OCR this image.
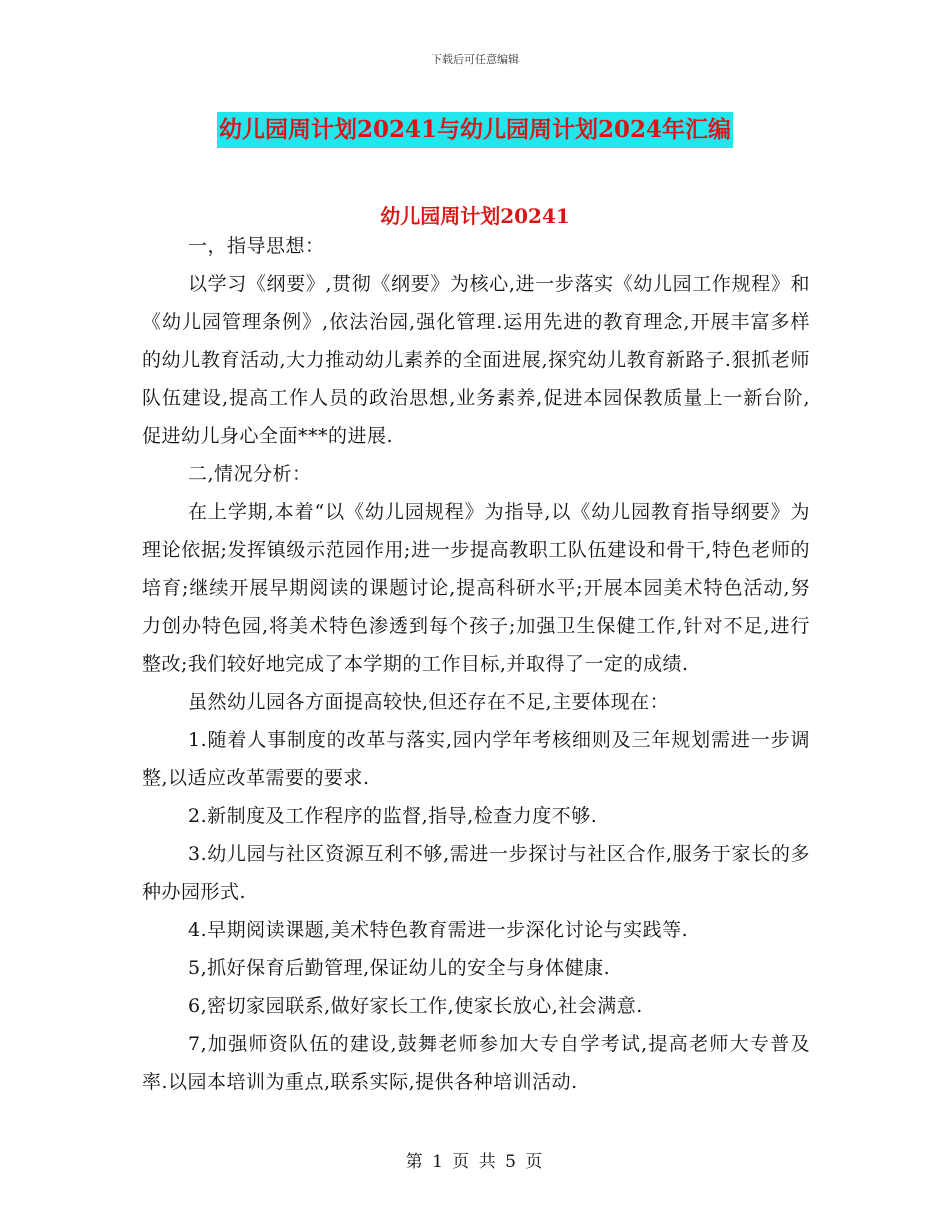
下载后可任意编辑
幼儿园周计划20241与幼儿园周计划2024年汇编
幼儿园周计划20241

一，指导思想：

以学习《纲要》,贯彻《纲要》为核心,进一步落实《幼儿园工作规程》和《幼儿园管理条例》,依法治园,强化管理.运用先进的教育理念,开展丰富多样的幼儿教育活动,大力推动幼儿素养的全面进展,探究幼儿教育新路子.狠抓老师队伍建设,提高工作人员的政治思想,业务素养,促进本园保教质量上一新台阶,促进幼儿身心全面***的进展.

二,情况分析：

在上学期,本着“以《幼儿园规程》为指导,以《幼儿园教育指导纲要》为理论依据;发挥镇级示范园作用;进一步提高教职工队伍建设和骨干,特色老师的培育;继续开展早期阅读的课题讨论,提高科研水平;开展本园美术特色活动,努力创办特色园,将美术特色渗透到每个孩子;加强卫生保健工作,针对不足,进行整改;我们较好地完成了本学期的工作目标,并取得了一定的成绩.

虽然幼儿园各方面提高较快,但还存在不足,主要体现在：

1.随着人事制度的改革与落实,园内学年考核细则及三年规划需进一步调整,以适应改革需要的要求.

2.新制度及工作程序的监督,指导,检查力度不够.

3.幼儿园与社区资源互利不够,需进一步探讨与社区合作,服务于家长的多种办园形式.

4.早期阅读课题,美术特色教育需进一步深化讨论与实践等.

5,抓好保育后勤管理,保证幼儿的安全与身体健康.

6,密切家园联系,做好家长工作,使家长放心,社会满意.

7,加强师资队伍的建设,鼓舞老师参加大专自学考试,提高老师大专普及率.以园本培训为重点,联系实际,提供各种培训活动.

第 1 页 共 5 页
